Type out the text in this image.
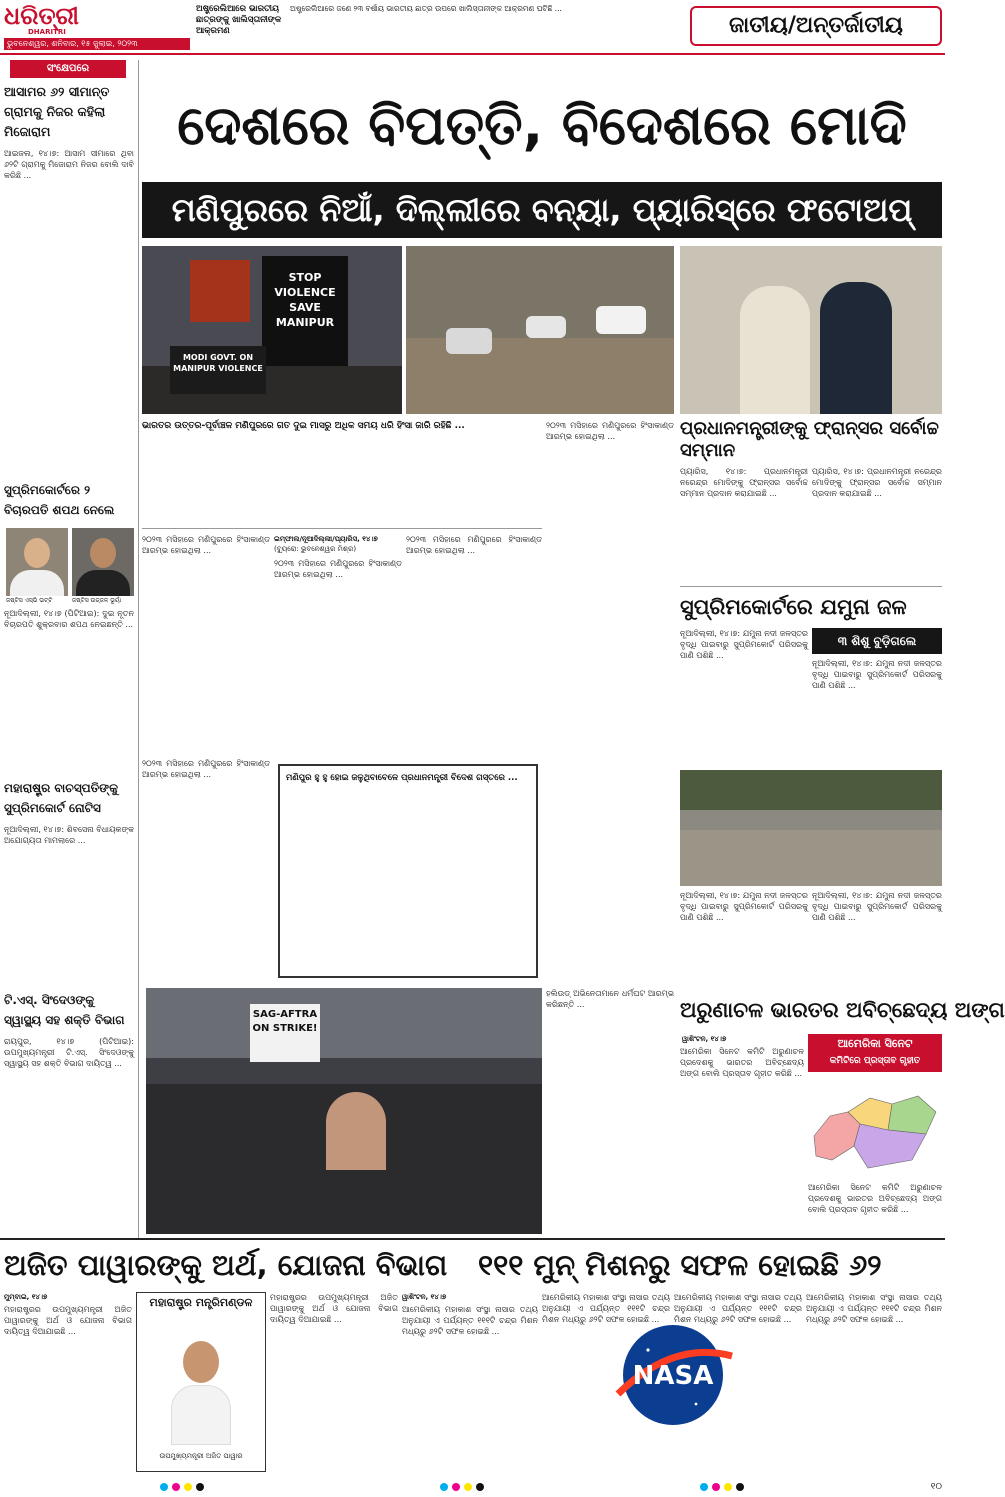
ଧରିତ୍ରୀ
DHARITRI
ଭୁବନେଶ୍ୱର, ଶନିବାର, ୧୫ ଜୁଲାଇ, ୨୦୨୩
ଅଷ୍ଟ୍ରେଲିଆରେ ଭାରତୀୟ ଛାତ୍ରଙ୍କୁ ଖାଲିସ୍ତାନୀଙ୍କ ଆକ୍ରମଣ
ଅଷ୍ଟ୍ରେଲିଆରେ ଜଣେ ୨୩ ବର୍ଷୀୟ ଭାରତୀୟ ଛାତ୍ର ଉପରେ ଖାଲିସ୍ତାନୀଙ୍କ ଆକ୍ରମଣ ଘଟିଛି ...
ଜାତୀୟ/ଅନ୍ତର୍ଜାତୀୟ
ସଂକ୍ଷେପରେ
ଆସାମର ୬୨ ସୀମାନ୍ତ ଗ୍ରାମକୁ ନିଜର କହିଲା ମିଜୋରାମ
ଆଇଜଲ, ୧୪।୭: ଆସାମ ସୀମାରେ ଥିବା ୬୨ଟି ଗ୍ରାମକୁ ମିଜୋରାମ ନିଜର ବୋଲି ଦାବି କରିଛି ...
ସୁପ୍ରିମକୋର୍ଟରେ ୨ ବିଚାରପତି ଶପଥ ନେଲେ
ଜଷ୍ଟିସ ଏସ୍ଭି ଭଟ୍ଟି	ଜଷ୍ଟିସ ଉଜ୍ଜଳ ଭୂୟାଁ
ନୂଆଦିଲ୍ଲୀ, ୧୪।୭ (ପିଟିଆଇ): ଦୁଇ ନୂତନ ବିଚାରପତି ଶୁକ୍ରବାର ଶପଥ ନେଇଛନ୍ତି ...
ମହାରାଷ୍ଟ୍ର ବାଚସ୍ପତିଙ୍କୁ ସୁପ୍ରିମକୋର୍ଟ ନୋଟିସ
ନୂଆଦିଲ୍ଲୀ, ୧୪।୭: ଶିବସେନା ବିଧାୟକଙ୍କ ଅଯୋଗ୍ୟତା ମାମଲାରେ ...
ଟି.ଏସ୍. ସିଂଦେଓଙ୍କୁ ସ୍ୱାସ୍ଥ୍ୟ ସହ ଶକ୍ତି ବିଭାଗ
ରାୟପୁର, ୧୪।୭ (ପିଟିଆଇ): ଉପମୁଖ୍ୟମନ୍ତ୍ରୀ ଟି.ଏସ୍. ସିଂଦେଓଙ୍କୁ ସ୍ୱାସ୍ଥ୍ୟ ସହ ଶକ୍ତି ବିଭାଗ ଦାୟିତ୍ୱ ...
ଦେଶରେ ବିପତ୍ତି, ବିଦେଶରେ ମୋଦି
ମଣିପୁରରେ ନିଆଁ, ଦିଲ୍ଲୀରେ ବନ୍ୟା, ପ୍ୟାରିସ୍‌ରେ ଫଟୋଅପ୍
STOP VIOLENCE SAVE MANIPUR
MODI GOVT. ON MANIPUR VIOLENCE
ଭାରତର ଉତ୍ତର-ପୂର୍ବାଞ୍ଚଳ ମଣିପୁରରେ ଗତ ଦୁଇ ମାସରୁ ଅଧିକ ସମୟ ଧରି ହିଂସା ଜାରି ରହିଛି ...
ଇମ୍ଫାଲ/ନୂଆଦିଲ୍ଲୀ/ପ୍ୟାରିସ, ୧୪।୭
(ବ୍ୟୁରୋ: ଭୁବନେଶ୍ୱର ମିଶ୍ର)
୨୦୨୩ ମସିହାରେ ମଣିପୁରରେ ହିଂସାକାଣ୍ଡ ଆରମ୍ଭ ହୋଇଥିଲା ...
୨୦୨୩ ମସିହାରେ ମଣିପୁରରେ ହିଂସାକାଣ୍ଡ ଆରମ୍ଭ ହୋଇଥିଲା ...
୨୦୨୩ ମସିହାରେ ମଣିପୁରରେ ହିଂସାକାଣ୍ଡ ଆରମ୍ଭ ହୋଇଥିଲା ...
୨୦୨୩ ମସିହାରେ ମଣିପୁରରେ ହିଂସାକାଣ୍ଡ ଆରମ୍ଭ ହୋଇଥିଲା ...
୨୦୨୩ ମସିହାରେ ମଣିପୁରରେ ହିଂସାକାଣ୍ଡ ଆରମ୍ଭ ହୋଇଥିଲା ...	ମଣିପୁର ହୁ ହୁ ହୋଇ ଜଳୁଥିବାବେଳେ ପ୍ରଧାନମନ୍ତ୍ରୀ ବିଦେଶ ଗସ୍ତରେ ...
ପ୍ରଧାନମନ୍ତ୍ରୀଙ୍କୁ ଫ୍ରାନ୍ସର ସର୍ବୋଚ୍ଚ ସମ୍ମାନ
ପ୍ୟାରିସ, ୧୪।୭: ପ୍ରଧାନମନ୍ତ୍ରୀ ନରେନ୍ଦ୍ର ମୋଦିଙ୍କୁ ଫ୍ରାନ୍ସର ସର୍ବୋଚ୍ଚ ସମ୍ମାନ ପ୍ରଦାନ କରାଯାଇଛି ...
ପ୍ୟାରିସ, ୧୪।୭: ପ୍ରଧାନମନ୍ତ୍ରୀ ନରେନ୍ଦ୍ର ମୋଦିଙ୍କୁ ଫ୍ରାନ୍ସର ସର୍ବୋଚ୍ଚ ସମ୍ମାନ ପ୍ରଦାନ କରାଯାଇଛି ...
ସୁପ୍ରିମକୋର୍ଟରେ ଯମୁନା ଜଳ
ନୂଆଦିଲ୍ଲୀ, ୧୪।୭: ଯମୁନା ନଦୀ ଜଳସ୍ତର ବୃଦ୍ଧି ପାଇବାରୁ ସୁପ୍ରିମକୋର୍ଟ ପରିସରକୁ ପାଣି ପଶିଛି ...
୩ ଶିଶୁ ବୁଡ଼ିଗଲେ
ନୂଆଦିଲ୍ଲୀ, ୧୪।୭: ଯମୁନା ନଦୀ ଜଳସ୍ତର ବୃଦ୍ଧି ପାଇବାରୁ ସୁପ୍ରିମକୋର୍ଟ ପରିସରକୁ ପାଣି ପଶିଛି ...
ନୂଆଦିଲ୍ଲୀ, ୧୪।୭: ଯମୁନା ନଦୀ ଜଳସ୍ତର ବୃଦ୍ଧି ପାଇବାରୁ ସୁପ୍ରିମକୋର୍ଟ ପରିସରକୁ ପାଣି ପଶିଛି ...
ନୂଆଦିଲ୍ଲୀ, ୧୪।୭: ଯମୁନା ନଦୀ ଜଳସ୍ତର ବୃଦ୍ଧି ପାଇବାରୁ ସୁପ୍ରିମକୋର୍ଟ ପରିସରକୁ ପାଣି ପଶିଛି ...
SAG-AFTRA ON STRIKE!
ହଲିଉଡ୍ ଅଭିନେତାମାନେ ଧର୍ମଘଟ ଆରମ୍ଭ କରିଛନ୍ତି ...	ଅରୁଣାଚଳ ଭାରତର ଅବିଚ୍ଛେଦ୍ୟ ଅଙ୍ଗ
ୱାଶିଂଟନ, ୧୪।୭
ଆମେରିକା ସିନେଟ କମିଟି ଅରୁଣାଚଳ ପ୍ରଦେଶକୁ ଭାରତର ଅବିଚ୍ଛେଦ୍ୟ ଅଙ୍ଗ ବୋଲି ପ୍ରସ୍ତାବ ଗୃହୀତ କରିଛି ...
ଆମେରିକା ସିନେଟ
କମିଟିରେ ପ୍ରସ୍ତାବ ଗୃହୀତ
ଆମେରିକା ସିନେଟ କମିଟି ଅରୁଣାଚଳ ପ୍ରଦେଶକୁ ଭାରତର ଅବିଚ୍ଛେଦ୍ୟ ଅଙ୍ଗ ବୋଲି ପ୍ରସ୍ତାବ ଗୃହୀତ କରିଛି ...
ଅଜିତ ପାୱାରଙ୍କୁ ଅର୍ଥ, ଯୋଜନା ବିଭାଗ	୧୧୧ ମୁନ୍ ମିଶନରୁ ସଫଳ ହୋଇଛି ୬୨
ମୁମ୍ବାଇ, ୧୪।୭
ମହାରାଷ୍ଟ୍ରର ଉପମୁଖ୍ୟମନ୍ତ୍ରୀ ଅଜିତ ପାୱାରଙ୍କୁ ଅର୍ଥ ଓ ଯୋଜନା ବିଭାଗ ଦାୟିତ୍ୱ ଦିଆଯାଇଛି ...
ମହାରାଷ୍ଟ୍ର ମନ୍ତ୍ରିମଣ୍ଡଳ
ଉପମୁଖ୍ୟମନ୍ତ୍ରୀ ଅଜିତ ପାୱାର
ମହାରାଷ୍ଟ୍ରର ଉପମୁଖ୍ୟମନ୍ତ୍ରୀ ଅଜିତ ପାୱାରଙ୍କୁ ଅର୍ଥ ଓ ଯୋଜନା ବିଭାଗ ଦାୟିତ୍ୱ ଦିଆଯାଇଛି ...
ୱାଶିଂଟନ, ୧୪।୭
ଆମେରିକୀୟ ମହାକାଶ ସଂସ୍ଥା ନାସାର ତଥ୍ୟ ଅନୁଯାୟୀ ଏ ପର୍ଯ୍ୟନ୍ତ ୧୧୧ଟି ଚନ୍ଦ୍ର ମିଶନ ମଧ୍ୟରୁ ୬୨ଟି ସଫଳ ହୋଇଛି ...
ଆମେରିକୀୟ ମହାକାଶ ସଂସ୍ଥା ନାସାର ତଥ୍ୟ ଅନୁଯାୟୀ ଏ ପର୍ଯ୍ୟନ୍ତ ୧୧୧ଟି ଚନ୍ଦ୍ର ମିଶନ ମଧ୍ୟରୁ ୬୨ଟି ସଫଳ ହୋଇଛି ...
NASA
ଆମେରିକୀୟ ମହାକାଶ ସଂସ୍ଥା ନାସାର ତଥ୍ୟ ଅନୁଯାୟୀ ଏ ପର୍ଯ୍ୟନ୍ତ ୧୧୧ଟି ଚନ୍ଦ୍ର ମିଶନ ମଧ୍ୟରୁ ୬୨ଟି ସଫଳ ହୋଇଛି ...
ଆମେରିକୀୟ ମହାକାଶ ସଂସ୍ଥା ନାସାର ତଥ୍ୟ ଅନୁଯାୟୀ ଏ ପର୍ଯ୍ୟନ୍ତ ୧୧୧ଟି ଚନ୍ଦ୍ର ମିଶନ ମଧ୍ୟରୁ ୬୨ଟି ସଫଳ ହୋଇଛି ...
୧୦
